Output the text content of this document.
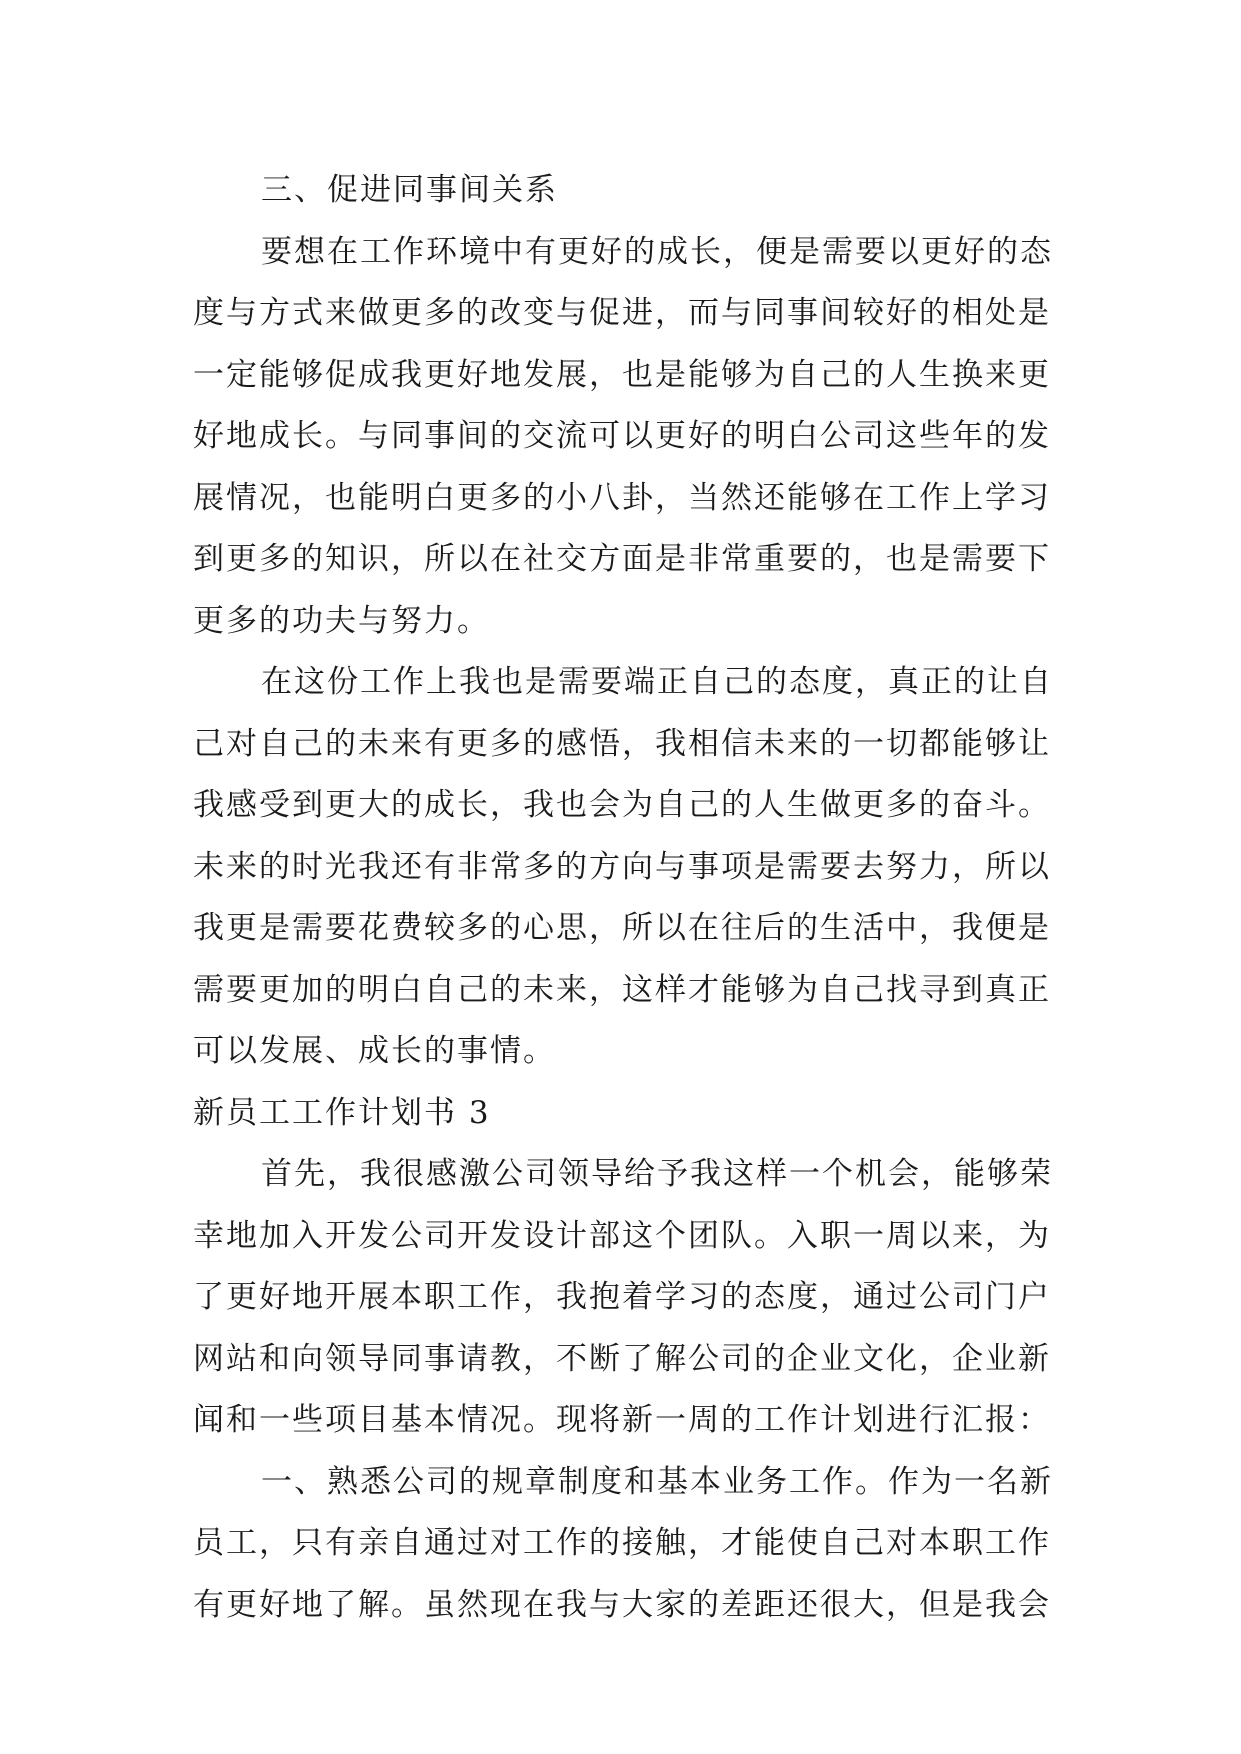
三、促进同事间关系
要想在工作环境中有更好的成长，便是需要以更好的态
度与方式来做更多的改变与促进，而与同事间较好的相处是
一定能够促成我更好地发展，也是能够为自己的人生换来更
好地成长。与同事间的交流可以更好的明白公司这些年的发
展情况，也能明白更多的小八卦，当然还能够在工作上学习
到更多的知识，所以在社交方面是非常重要的，也是需要下
更多的功夫与努力。
在这份工作上我也是需要端正自己的态度，真正的让自
己对自己的未来有更多的感悟，我相信未来的一切都能够让
我感受到更大的成长，我也会为自己的人生做更多的奋斗。
未来的时光我还有非常多的方向与事项是需要去努力，所以
我更是需要花费较多的心思，所以在往后的生活中，我便是
需要更加的明白自己的未来，这样才能够为自己找寻到真正
可以发展、成长的事情。
新员工工作计划书 3
首先，我很感激公司领导给予我这样一个机会，能够荣
幸地加入开发公司开发设计部这个团队。入职一周以来，为
了更好地开展本职工作，我抱着学习的态度，通过公司门户
网站和向领导同事请教，不断了解公司的企业文化，企业新
闻和一些项目基本情况。现将新一周的工作计划进行汇报：
一、熟悉公司的规章制度和基本业务工作。作为一名新
员工，只有亲自通过对工作的接触，才能使自己对本职工作
有更好地了解。虽然现在我与大家的差距还很大，但是我会
